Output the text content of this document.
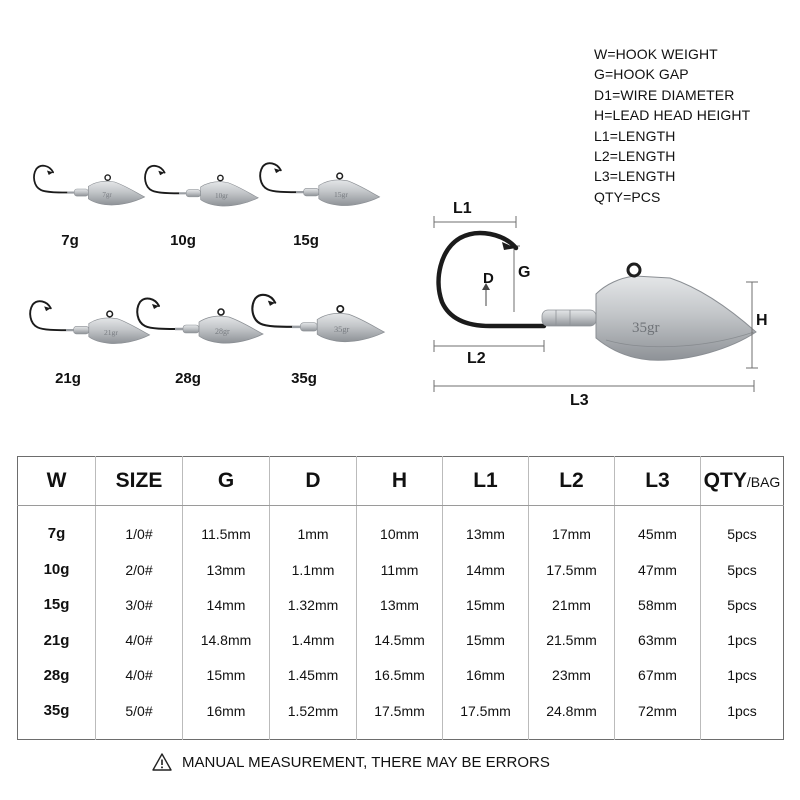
W=HOOK WEIGHT
G=HOOK GAP
D1=WIRE DIAMETER
H=LEAD HEAD HEIGHT
L1=LENGTH
L2=LENGTH
L3=LENGTH
QTY=PCS
7gr
7g
10gr
10g
15gr
15g
21gr
21g
28gr
28g
35gr
35g
35gr
L1
G
D
H
L2
L3
W	SIZE	G	D	H	L1	L2	L3	QTY/BAG
7g	1/0#	11.5mm	1mm	10mm	13mm	17mm	45mm	5pcs
10g	2/0#	13mm	1.1mm	11mm	14mm	17.5mm	47mm	5pcs
15g	3/0#	14mm	1.32mm	13mm	15mm	21mm	58mm	5pcs
21g	4/0#	14.8mm	1.4mm	14.5mm	15mm	21.5mm	63mm	1pcs
28g	4/0#	15mm	1.45mm	16.5mm	16mm	23mm	67mm	1pcs
35g	5/0#	16mm	1.52mm	17.5mm	17.5mm	24.8mm	72mm	1pcs
MANUAL MEASUREMENT, THERE MAY BE ERRORS
